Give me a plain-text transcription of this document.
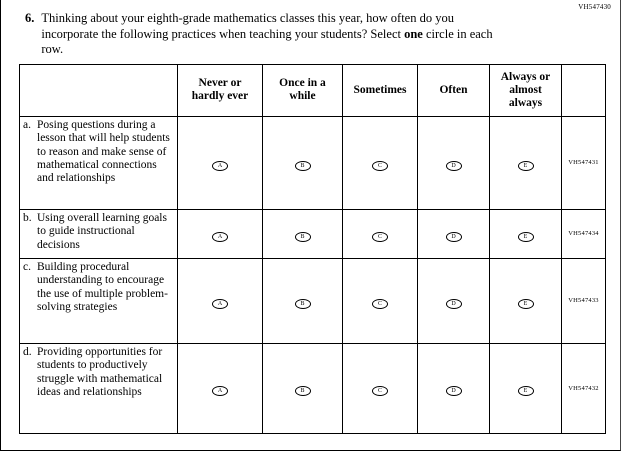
VH547430
6. Thinking about your eighth-grade mathematics classes this year, how often do you incorporate the following practices when teaching your students? Select one circle in each row.
	Never or hardly ever	Once in a while	Sometimes	Often	Always or almost always	

a. Posing questions during a lesson that will help students to reason and make sense of mathematical connections and relationships	A	B	C	D	E	VH547431

b. Using overall learning goals to guide instructional decisions	A	B	C	D	E	VH547434

c. Building procedural understanding to encourage the use of multiple problem-solving strategies	A	B	C	D	E	VH547433

d. Providing opportunities for students to productively struggle with mathematical ideas and relationships	A	B	C	D	E	VH547432
